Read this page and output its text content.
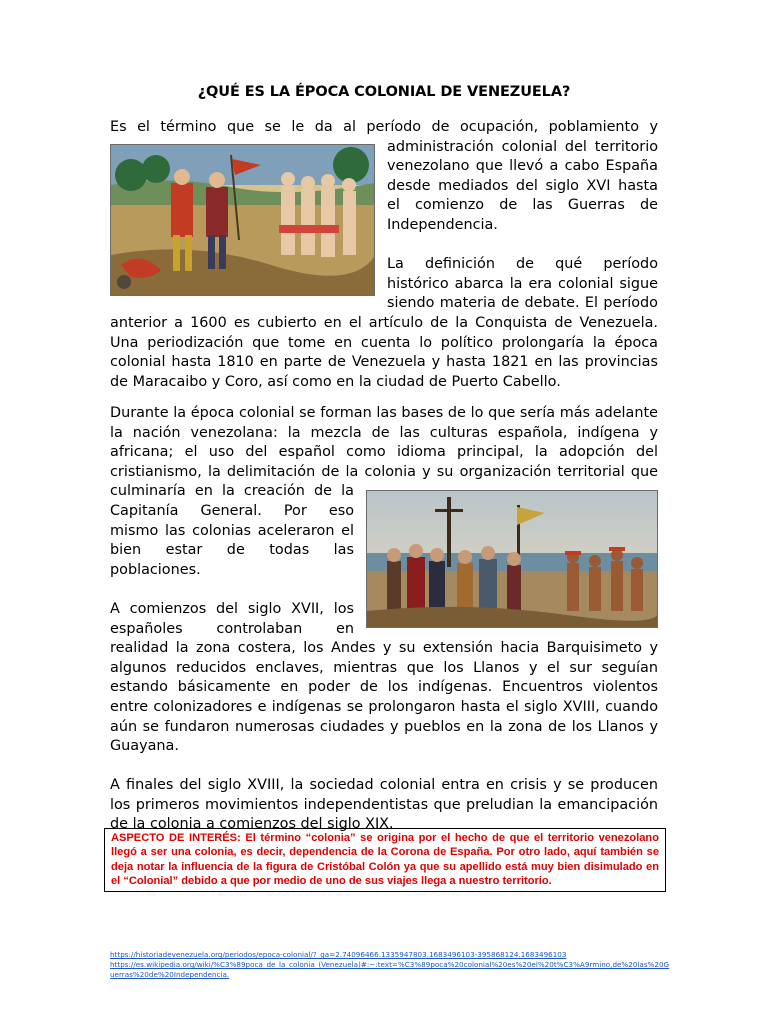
¿QUÉ ES LA ÉPOCA COLONIAL DE VENEZUELA?

Es el término que se le da al período de ocupación, poblamiento y
administración colonial del territorio venezolano que llevó a cabo España desde mediados del siglo XVI hasta el comienzo de las Guerras de Independencia.

La definición de qué período histórico abarca la era colonial sigue siendo materia de debate. El período anterior a 1600 es cubierto en el artículo de la Conquista de Venezuela. Una periodización que tome en cuenta lo político prolongaría la época colonial hasta 1810 en parte de Venezuela y hasta 1821 en las provincias de Maracaibo y Coro, así como en la ciudad de Puerto Cabello.

Durante la época colonial se forman las bases de lo que sería más adelante la nación venezolana: la mezcla de las culturas española, indígena y africana; el uso del español como idioma principal, la adopción del cristianismo, la delimitación de la colonia y su organización territorial que culminaría en la
creación de la Capitanía General. Por eso mismo las colonias aceleraron el bien estar de todas las poblaciones.

A comienzos del siglo XVII, los españoles controlaban en realidad la zona costera, los Andes y su extensión hacia Barquisimeto y algunos reducidos enclaves, mientras que los Llanos y el sur seguían estando básicamente en poder de los indígenas. Encuentros violentos entre colonizadores e indígenas se prolongaron hasta el siglo XVIII, cuando aún se fundaron numerosas ciudades y pueblos en la zona de los Llanos y Guayana.

A finales del siglo XVIII, la sociedad colonial entra en crisis y se producen los primeros movimientos independentistas que preludian la emancipación de la colonia a comienzos del siglo XIX.

ASPECTO DE INTERÉS: El término “colonia” se origina por el hecho de que el territorio venezolano llegó a ser una colonia, es decir, dependencia de la Corona de España. Por otro lado, aquí también se deja notar la influencia de la figura de Cristóbal Colón ya que su apellido está muy bien disimulado en el “Colonial” debido a que por medio de uno de sus viajes llega a nuestro territorio.
https://historiadevenezuela.org/periodos/epoca-colonial/?_ga=2.74096466.1335947803.1683496103-395868124.1683496103
https://es.wikipedia.org/wiki/%C3%89poca_de_la_colonia_(Venezuela)#:~:text=%C3%89poca%20colonial%20es%20el%20t%C3%A9rmino,de%20las%20Guerras%20de%20Independencia.
